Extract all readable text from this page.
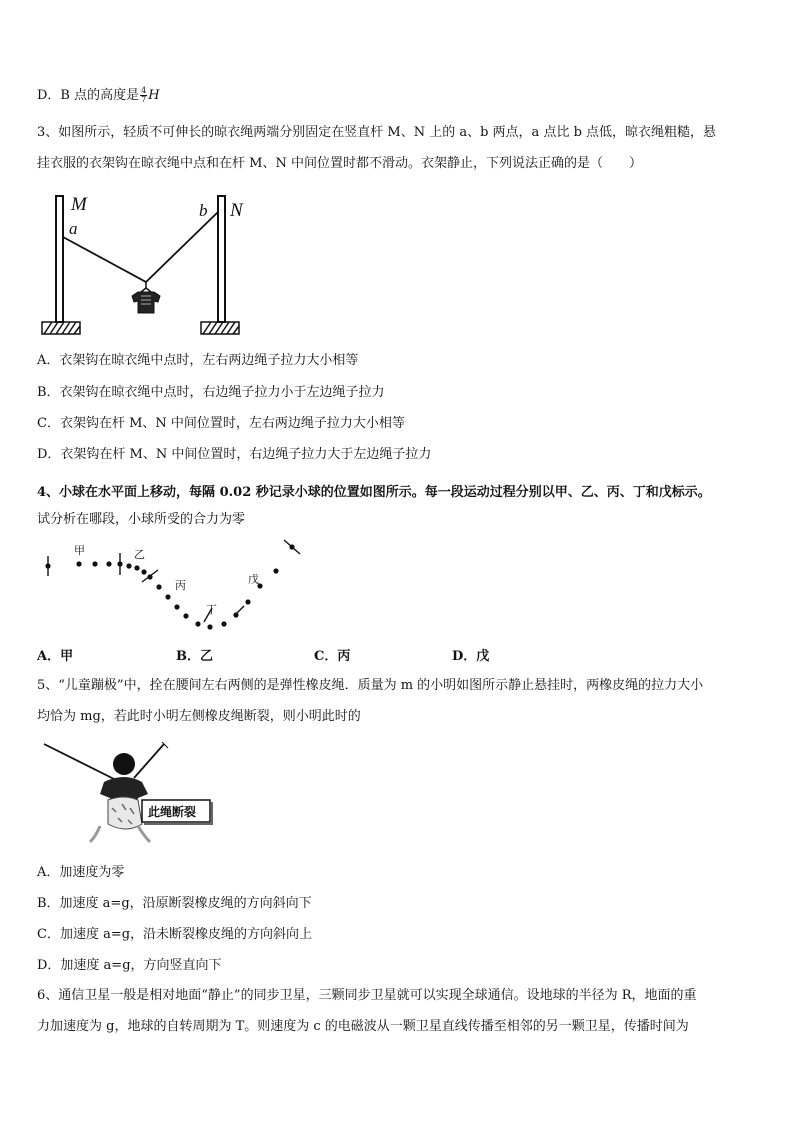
D．B 点的高度是 $\frac{4}{7}$ H
3、如图所示，轻质不可伸长的晾衣绳两端分别固定在竖直杆 M、N 上的 a、b 两点，a 点比 b 点低，晾衣绳粗糙，悬
挂衣服的衣架钩在晾衣绳中点和在杆 M、N 中间位置时都不滑动。衣架静止，下列说法正确的是（　　）
M
a
b N
A．衣架钩在晾衣绳中点时，左右两边绳子拉力大小相等
B．衣架钩在晾衣绳中点时，右边绳子拉力小于左边绳子拉力
C．衣架钩在杆 M、N 中间位置时，左右两边绳子拉力大小相等
D．衣架钩在杆 M、N 中间位置时，右边绳子拉力大于左边绳子拉力
4、小球在水平面上移动，每隔 0.02 秒记录小球的位置如图所示。每一段运动过程分别以甲、乙、丙、丁和戊标示。
试分析在哪段，小球所受的合力为零
甲	乙
丙
丁
戊
A．甲	B．乙	C．丙	D．戊
5、“儿童蹦极”中，拴在腰间左右两侧的是弹性橡皮绳．质量为 m 的小明如图所示静止悬挂时，两橡皮绳的拉力大小
均恰为 mg，若此时小明左侧橡皮绳断裂，则小明此时的
此绳断裂
A．加速度为零
B．加速度 a=g，沿原断裂橡皮绳的方向斜向下
C．加速度 a=g，沿未断裂橡皮绳的方向斜向上
D．加速度 a=g，方向竖直向下
6、通信卫星一般是相对地面“静止”的同步卫星，三颗同步卫星就可以实现全球通信。设地球的半径为 R，地面的重
力加速度为 g，地球的自转周期为 T。则速度为 c 的电磁波从一颗卫星直线传播至相邻的另一颗卫星，传播时间为
